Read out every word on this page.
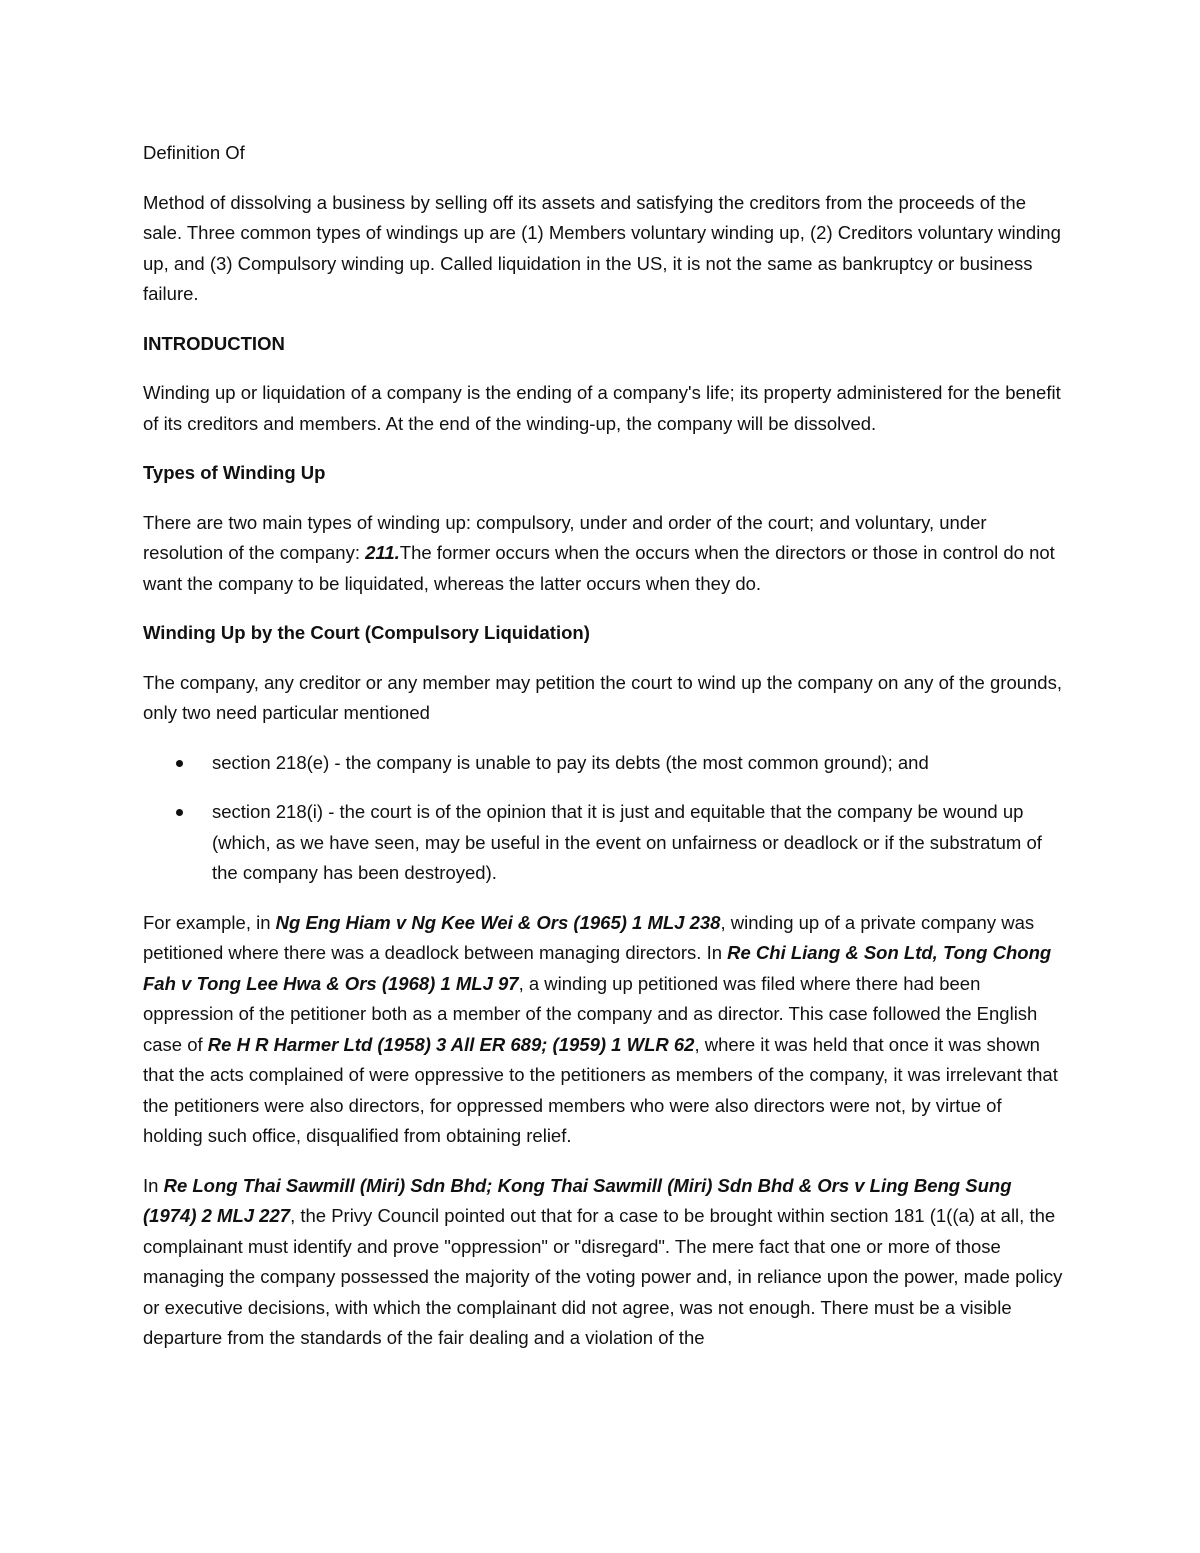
Definition Of

Method of dissolving a business by selling off its assets and satisfying the creditors from the proceeds of the sale. Three common types of windings up are (1) Members voluntary winding up, (2) Creditors voluntary winding up, and (3) Compulsory winding up. Called liquidation in the US, it is not the same as bankruptcy or business failure.

INTRODUCTION

Winding up or liquidation of a company is the ending of a company's life; its property administered for the benefit of its creditors and members. At the end of the winding-up, the company will be dissolved.

Types of Winding Up

There are two main types of winding up: compulsory, under and order of the court; and voluntary, under resolution of the company: 211.The former occurs when the occurs when the directors or those in control do not want the company to be liquidated, whereas the latter occurs when they do.

Winding Up by the Court (Compulsory Liquidation)

The company, any creditor or any member may petition the court to wind up the company on any of the grounds, only two need particular mentioned

section 218(e) - the company is unable to pay its debts (the most common ground); and
section 218(i) - the court is of the opinion that it is just and equitable that the company be wound up (which, as we have seen, may be useful in the event on unfairness or deadlock or if the substratum of the company has been destroyed).

For example, in Ng Eng Hiam v Ng Kee Wei & Ors (1965) 1 MLJ 238, winding up of a private company was petitioned where there was a deadlock between managing directors. In Re Chi Liang & Son Ltd, Tong Chong Fah v Tong Lee Hwa & Ors (1968) 1 MLJ 97, a winding up petitioned was filed where there had been oppression of the petitioner both as a member of the company and as director. This case followed the English case of Re H R Harmer Ltd (1958) 3 All ER 689; (1959) 1 WLR 62, where it was held that once it was shown that the acts complained of were oppressive to the petitioners as members of the company, it was irrelevant that the petitioners were also directors, for oppressed members who were also directors were not, by virtue of holding such office, disqualified from obtaining relief.

In Re Long Thai Sawmill (Miri) Sdn Bhd; Kong Thai Sawmill (Miri) Sdn Bhd & Ors v Ling Beng Sung (1974) 2 MLJ 227, the Privy Council pointed out that for a case to be brought within section 181 (1((a) at all, the complainant must identify and prove "oppression" or "disregard". The mere fact that one or more of those managing the company possessed the majority of the voting power and, in reliance upon the power, made policy or executive decisions, with which the complainant did not agree, was not enough. There must be a visible departure from the standards of the fair dealing and a violation of the
